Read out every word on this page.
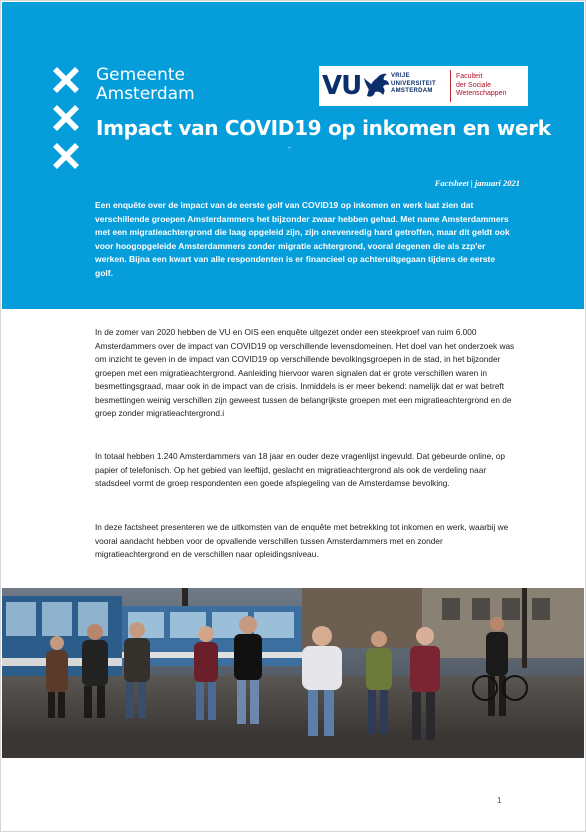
Gemeente
Amsterdam	VU	VRIJE
UNIVERSITEIT
AMSTERDAM
Faculteit
der Sociale
Wetenschappen
Impact van COVID19 op inkomen en werk
-
Factsheet | januari 2021

Een enquête over de impact van de eerste golf van COVID19 op inkomen en werk laat zien dat verschillende groepen Amsterdammers het bijzonder zwaar hebben gehad. Met name Amsterdammers met een migratieachtergrond die laag opgeleid zijn, zijn onevenredig hard getroffen, maar dit geldt ook voor hoogopgeleide Amsterdammers zonder migratie achtergrond, vooral degenen die als zzp'er werken. Bijna een kwart van alle respondenten is er financieel op achteruitgegaan tijdens de eerste golf.

In de zomer van 2020 hebben de VU en OIS een enquête uitgezet onder een steekproef van ruim 6.000 Amsterdammers over de impact van COVID19 op verschillende levensdomeinen. Het doel van het onderzoek was om inzicht te geven in de impact van COVID19 op verschillende bevolkingsgroepen in de stad, in het bijzonder groepen met een migratieachtergrond. Aanleiding hiervoor waren signalen dat er grote verschillen waren in besmettingsgraad, maar ook in de impact van de crisis. Inmiddels is er meer bekend: namelijk dat er wat betreft besmettingen weinig verschillen zijn geweest tussen de belangrijkste groepen met een migratieachtergrond en de groep zonder migratieachtergrond.i

In totaal hebben 1.240 Amsterdammers van 18 jaar en ouder deze vragenlijst ingevuld. Dat gebeurde online, op papier of telefonisch. Op het gebied van leeftijd, geslacht en migratieachtergrond als ook de verdeling naar stadsdeel vormt de groep respondenten een goede afspiegeling van de Amsterdamse bevolking.

In deze factsheet presenteren we de uitkomsten van de enquête met betrekking tot inkomen en werk, waarbij we vooral aandacht hebben voor de opvallende verschillen tussen Amsterdammers met en zonder migratieachtergrond en de verschillen naar opleidingsniveau.

1
